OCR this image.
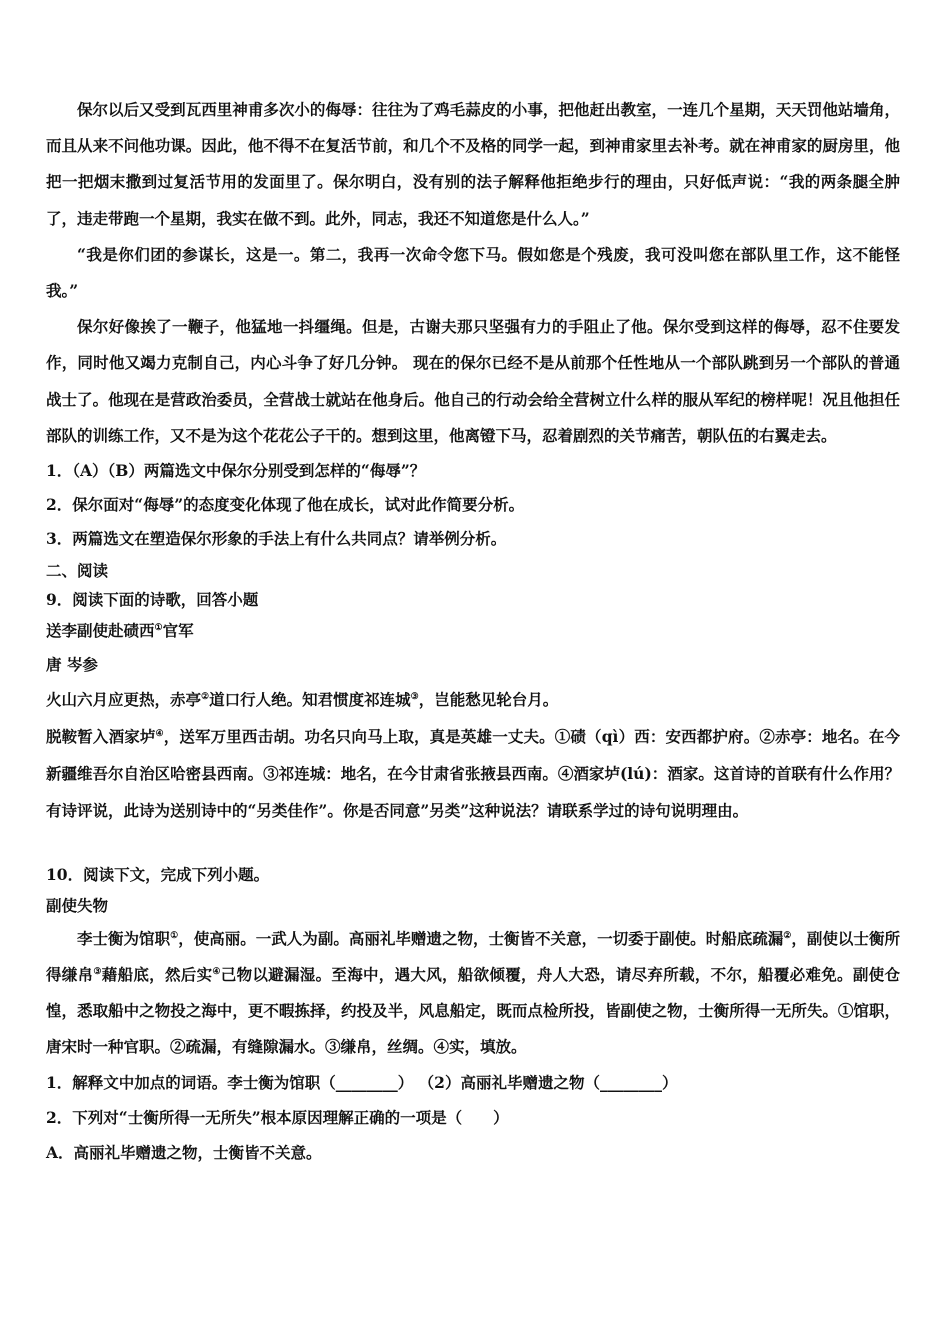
保尔以后又受到瓦西里神甫多次小的侮辱：往往为了鸡毛蒜皮的小事，把他赶出教室，一连几个星期，天天罚他站墙角，而且从来不问他功课。因此，他不得不在复活节前，和几个不及格的同学一起，到神甫家里去补考。就在神甫家的厨房里，他把一把烟末撒到过复活节用的发面里了。保尔明白，没有别的法子解释他拒绝步行的理由，只好低声说：“我的两条腿全肿 了，违走带跑一个星期，我实在做不到。此外，同志，我还不知道您是什么人。”
“我是你们团的参谋长，这是一。第二，我再一次命令您下马。假如您是个残废，我可没叫您在部队里工作，这不能怪我。”
保尔好像挨了一鞭子，他猛地一抖缰绳。但是，古谢夫那只坚强有力的手阻止了他。保尔受到这样的侮辱，忍不住要发作，同时他又竭力克制自己，内心斗争了好几分钟。 现在的保尔已经不是从前那个任性地从一个部队跳到另一个部队的普通战士了。他现在是营政治委员，全营战士就站在他身后。他自己的行动会给全营树立什么样的服从军纪的榜样呢！况且他担任部队的训练工作，又不是为这个花花公子干的。想到这里，他离镫下马，忍着剧烈的关节痛苦，朝队伍的右翼走去。
1．（A）（B）两篇选文中保尔分别受到怎样的“侮辱”？
2．保尔面对“侮辱”的态度变化体现了他在成长，试对此作简要分析。
3．两篇选文在塑造保尔形象的手法上有什么共同点？请举例分析。
二、阅读
9．阅读下面的诗歌，回答小题
送李副使赴碛西①官军
唐 岑参
火山六月应更热，赤亭②道口行人绝。知君惯度祁连城③，岂能愁见轮台月。
脱鞍暂入酒家垆④，送军万里西击胡。功名只向马上取，真是英雄一丈夫。①碛（qì）西：安西都护府。②赤亭：地名。在今新疆维吾尔自治区哈密县西南。③祁连城：地名，在今甘肃省张掖县西南。④酒家垆(lú)：酒家。这首诗的首联有什么作用？有诗评说，此诗为送别诗中的“另类佳作”。你是否同意”另类”这种说法？请联系学过的诗句说明理由。
10．阅读下文，完成下列小题。
副使失物
李士衡为馆职①，使高丽。一武人为副。高丽礼毕赠遗之物，士衡皆不关意，一切委于副使。时船底疏漏②，副使以士衡所得缣帛③藉船底，然后实④己物以避漏湿。至海中，遇大风，船欲倾覆，舟人大恐，请尽弃所载，不尔，船覆必难免。副使仓惶，悉取船中之物投之海中，更不暇拣择，约投及半，风息船定，既而点检所投，皆副使之物，士衡所得一无所失。①馆职，唐宋时一种官职。②疏漏，有缝隙漏水。③缣帛，丝绸。④实，填放。
1．解释文中加点的词语。李士衡为馆职（________） （2）高丽礼毕赠遗之物（________）
2．下列对“士衡所得一无所失”根本原因理解正确的一项是（　　）
A．高丽礼毕赠遗之物，士衡皆不关意。
